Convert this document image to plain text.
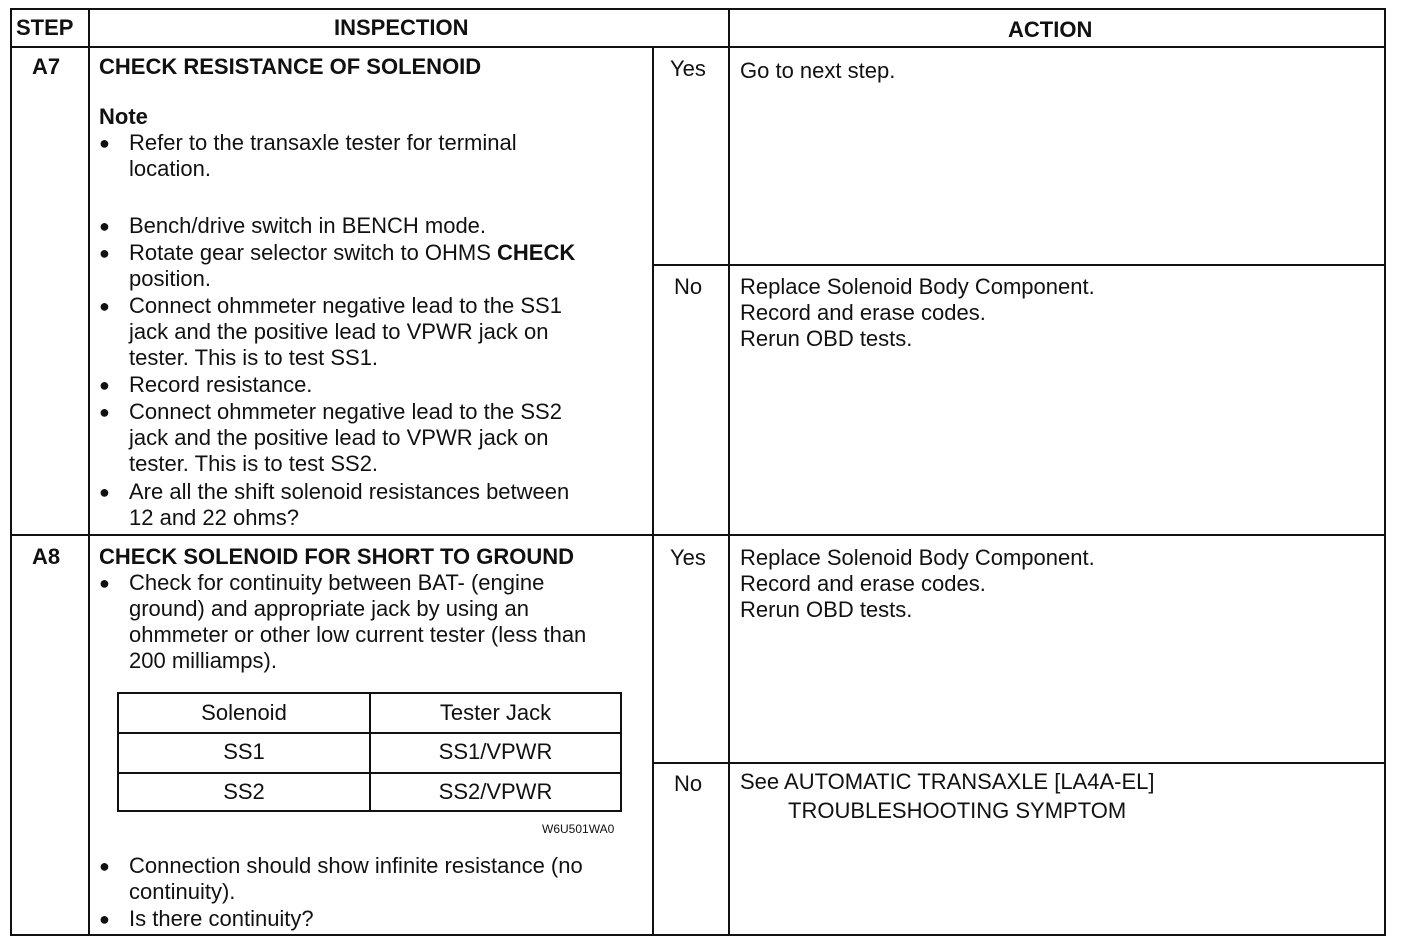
STEP	INSPECTION	ACTION
A7 CHECK RESISTANCE OF SOLENOID
Note
● Refer to the transaxle tester for terminal
location.
● Bench/drive switch in BENCH mode.
● Rotate gear selector switch to OHMS CHECK
position.
● Connect ohmmeter negative lead to the SS1
jack and the positive lead to VPWR jack on
tester. This is to test SS1.
● Record resistance.
● Connect ohmmeter negative lead to the SS2
jack and the positive lead to VPWR jack on
tester. This is to test SS2.
● Are all the shift solenoid resistances between
12 and 22 ohms?
Yes Go to next step.
No Replace Solenoid Body Component.
Record and erase codes.
Rerun OBD tests.
A8 CHECK SOLENOID FOR SHORT TO GROUND
● Check for continuity between BAT- (engine
ground) and appropriate jack by using an
ohmmeter or other low current tester (less than
200 milliamps).
Solenoid	Tester Jack
SS1	SS1/VPWR
SS2	SS2/VPWR
W6U501WA0
● Connection should show infinite resistance (no
continuity).
● Is there continuity?
Yes Replace Solenoid Body Component.
Record and erase codes.
Rerun OBD tests.
No See AUTOMATIC TRANSAXLE [LA4A-EL]
TROUBLESHOOTING SYMPTOM
